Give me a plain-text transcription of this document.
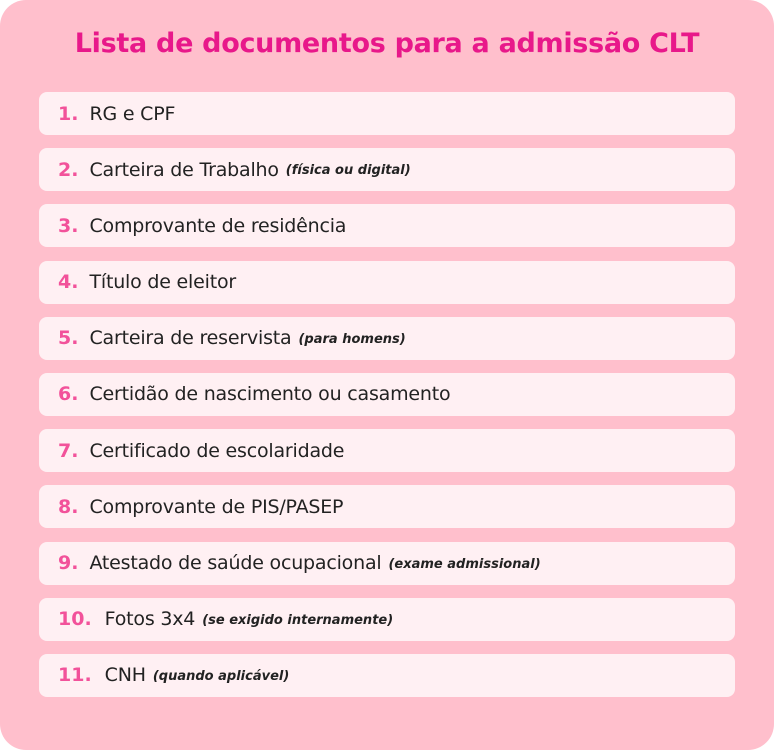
Lista de documentos para a admissão CLT
1. RG e CPF
2. Carteira de Trabalho (física ou digital)
3. Comprovante de residência
4. Título de eleitor
5. Carteira de reservista (para homens)
6. Certidão de nascimento ou casamento
7. Certificado de escolaridade
8. Comprovante de PIS/PASEP
9. Atestado de saúde ocupacional (exame admissional)
10. Fotos 3x4 (se exigido internamente)
11. CNH (quando aplicável)
